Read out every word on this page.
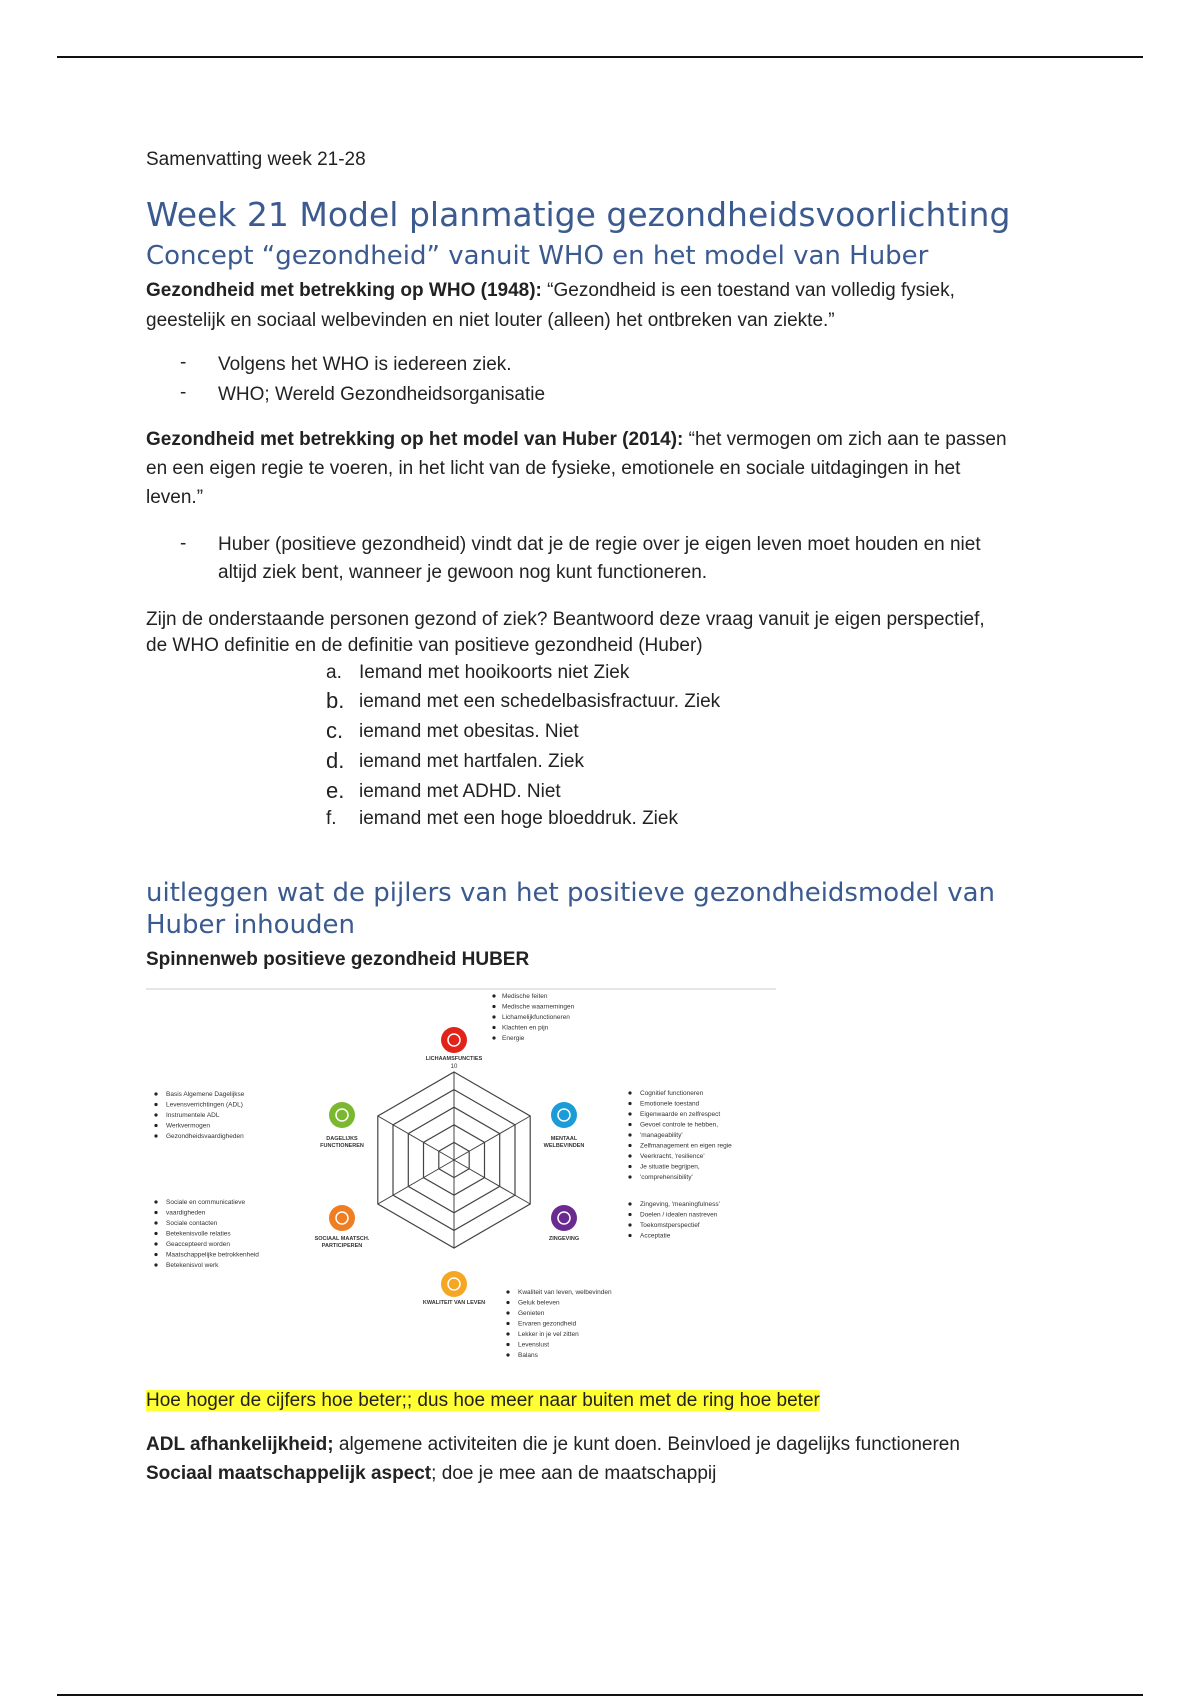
Samenvatting week 21-28
Week 21 Model planmatige gezondheidsvoorlichting
Concept “gezondheid” vanuit WHO en het model van Huber
Gezondheid met betrekking op WHO (1948): “Gezondheid is een toestand van volledig fysiek,
geestelijk en sociaal welbevinden en niet louter (alleen) het ontbreken van ziekte.”
- Volgens het WHO is iedereen ziek.
- WHO; Wereld Gezondheidsorganisatie
Gezondheid met betrekking op het model van Huber (2014): “het vermogen om zich aan te passen
en een eigen regie te voeren, in het licht van de fysieke, emotionele en sociale uitdagingen in het
leven.”
- Huber (positieve gezondheid) vindt dat je de regie over je eigen leven moet houden en niet
altijd ziek bent, wanneer je gewoon nog kunt functioneren.
Zijn de onderstaande personen gezond of ziek? Beantwoord deze vraag vanuit je eigen perspectief,
de WHO definitie en de definitie van positieve gezondheid (Huber)
a. Iemand met hooikoorts niet Ziek
b. iemand met een schedelbasisfractuur. Ziek
c. iemand met obesitas. Niet
d. iemand met hartfalen. Ziek
e. iemand met ADHD. Niet
f.	iemand met een hoge bloeddruk. Ziek
uitleggen wat de pijlers van het positieve gezondheidsmodel van
Huber inhouden
Spinnenweb positieve gezondheid HUBER
Hoe hoger de cijfers hoe beter;; dus hoe meer naar buiten met de ring hoe beter
ADL afhankelijkheid; algemene activiteiten die je kunt doen. Beinvloed je dagelijks functioneren
Sociaal maatschappelijk aspect; doe je mee aan de maatschappij
10
LICHAAMSFUNCTIES
Medische feiten
Medische waarnemingen
Lichamelijkfunctioneren
Klachten en pijn
Energie
MENTAAL
WELBEVINDEN
Cognitief functioneren
Emotionele toestand
Eigenwaarde en zelfrespect
Gevoel controle te hebben,
'manageability'
Zelfmanagement en eigen regie
Veerkracht, 'resilience'
Je situatie begrijpen,
'comprehensibility'
ZINGEVING
Zingeving, 'meaningfulness'
Doelen / idealen nastreven
Toekomstperspectief
Acceptatie
KWALITEIT VAN LEVEN
Kwaliteit van leven, welbevinden
Geluk beleven
Genieten
Ervaren gezondheid
Lekker in je vel zitten
Levenslust
Balans
SOCIAAL MAATSCH.
PARTICIPEREN
Sociale en communicatieve
vaardigheden
Sociale contacten
Betekenisvolle relaties
Geaccepteerd worden
Maatschappelijke betrokkenheid
Betekenisvol werk
DAGELIJKS
FUNCTIONEREN
Basis Algemene Dagelijkse
Levensverrichtingen (ADL)
Instrumentele ADL
Werkvermogen
Gezondheidsvaardigheden
